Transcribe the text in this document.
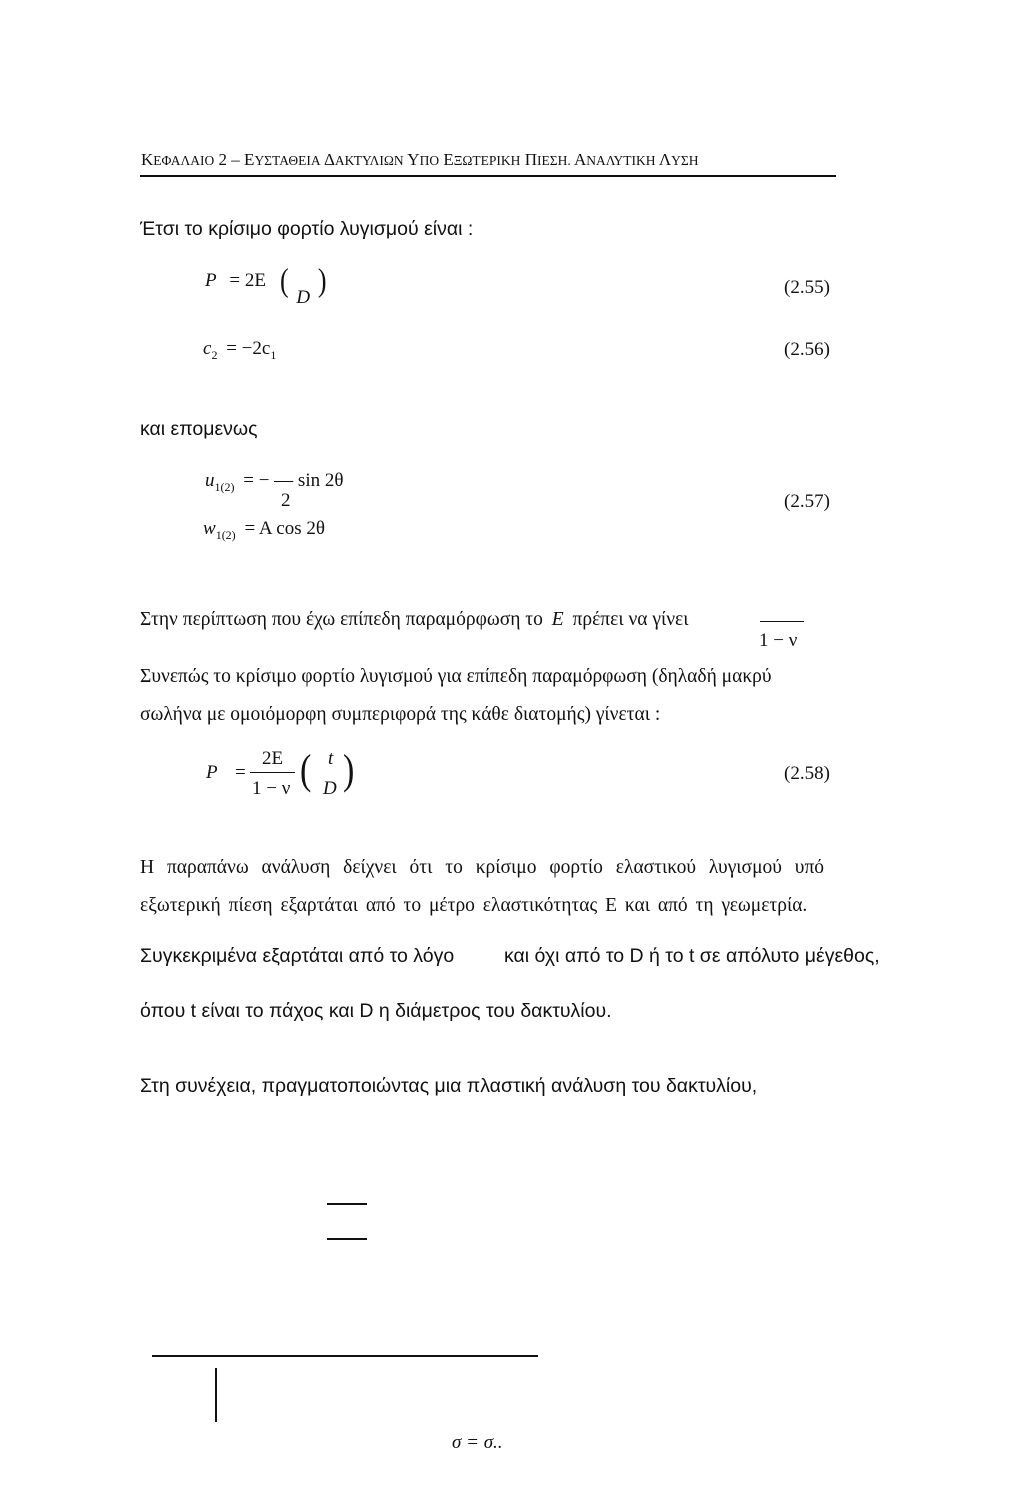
ΚΕΦΑΛΑΙΟ 2 – ΕΥΣΤΑΘΕΙΑ ΔΑΚΤΥΛΙΩΝ ΥΠΟ ΕΞΩΤΕΡΙΚΗ ΠΙΕΣΗ. ΑΝΑΛΥΤΙΚΗ ΛΥΣΗ
Έτσι το κρίσιμο φορτίο λυγισμού είναι :
P = 2E ( D )	(2.55)
$c_2 = -2c_1$	(2.56)
και επομενως
$u_{1(2)}$ = − — sin 2θ
2
$w_{1(2)} = A$ cos 2θ
(2.57)
Στην περίπτωση που έχω επίπεδη παραμόρφωση το E πρέπει να γίνει
1 − ν
Συνεπώς το κρίσιμο φορτίο λυγισμού για επίπεδη παραμόρφωση (δηλαδή μακρύ
σωλήνα με ομοιόμορφη συμπεριφορά της κάθε διατομής) γίνεται :
P =
2E
1 − ν ( t
D )	(2.58)
Η παραπάνω ανάλυση δείχνει ότι το κρίσιμο φορτίο ελαστικού λυγισμού υπό
εξωτερική πίεση εξαρτάται από το μέτρο ελαστικότητας Ε και από τη γεωμετρία.
Συγκεκριμένα εξαρτάται από το λόγο	και όχι από το D ή το t σε απόλυτο μέγεθος,
όπου t είναι το πάχος και D η διάμετρος του δακτυλίου.
Στη συνέχεια, πραγματοποιώντας μια πλαστική ανάλυση του δακτυλίου,
σ = σ..
